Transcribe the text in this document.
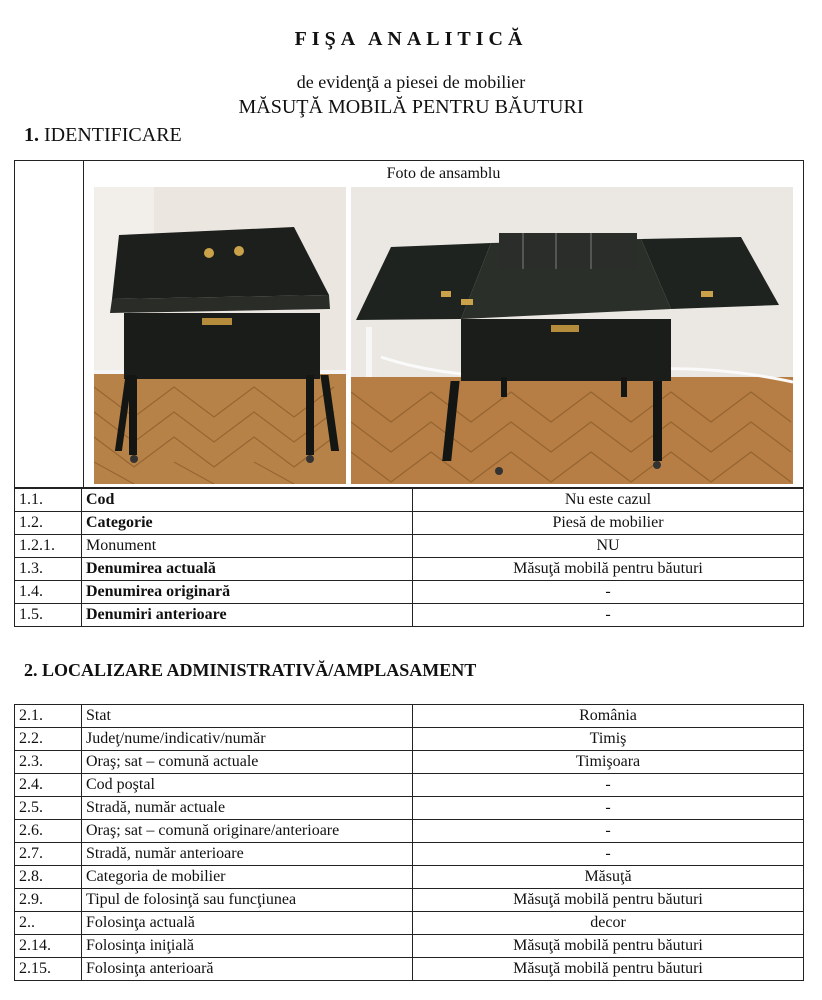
FIŞA ANALITICĂ
de evidenţă a piesei de mobilier
MĂSUŢĂ MOBILĂ PENTRU BĂUTURI
1. IDENTIFICARE
Foto de ansamblu
1.1.	Cod	Nu este cazul
1.2.	Categorie	Piesă de mobilier
1.2.1.	Monument	NU
1.3.	Denumirea actuală	Măsuţă mobilă pentru băuturi
1.4.	Denumirea originară	-
1.5.	Denumiri anterioare	-
2. LOCALIZARE ADMINISTRATIVĂ/AMPLASAMENT
2.1.	Stat	România
2.2.	Judeţ/nume/indicativ/număr	Timiş
2.3.	Oraş; sat – comună actuale	Timişoara
2.4.	Cod poştal	-
2.5.	Stradă, număr actuale	-
2.6.	Oraş; sat – comună originare/anterioare	-
2.7.	Stradă, număr anterioare	-
2.8.	Categoria de mobilier	Măsuţă
2.9.	Tipul de folosinţă sau funcţiunea	Măsuţă mobilă pentru băuturi
2..	Folosinţa actuală	decor
2.14.	Folosinţa iniţială	Măsuţă mobilă pentru băuturi
2.15.	Folosinţa anterioară	Măsuţă mobilă pentru băuturi
